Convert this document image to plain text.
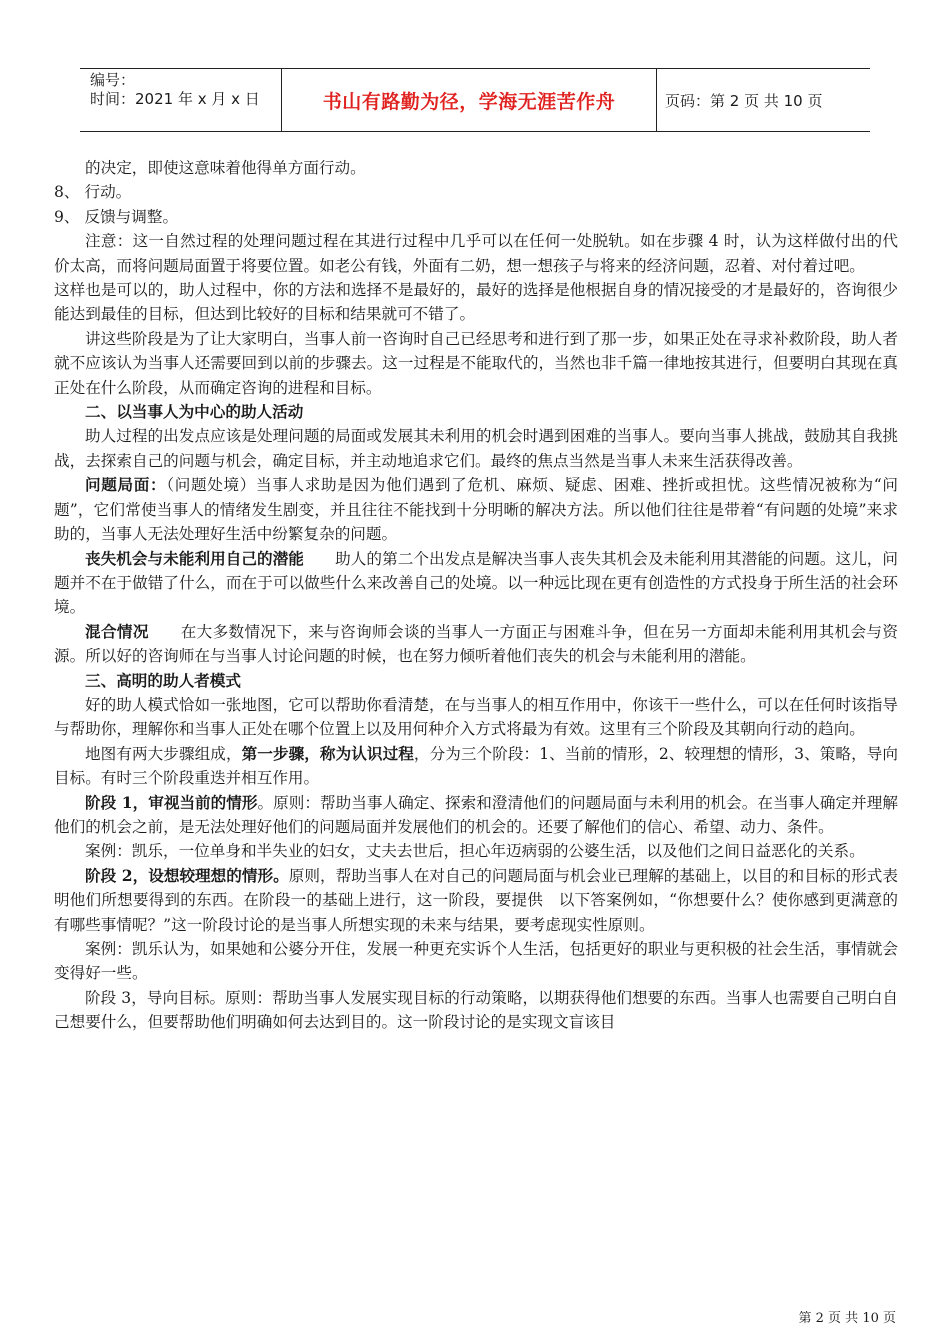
编号：
时间：2021 年 x 月 x 日	书山有路勤为径，学海无涯苦作舟	页码：第 2 页 共 10 页

的决定，即使这意味着他得单方面行动。

8、 行动。

9、 反馈与调整。

注意：这一自然过程的处理问题过程在其进行过程中几乎可以在任何一处脱轨。如在步骤 4 时，认为这样做付出的代价太高，而将问题局面置于将要位置。如老公有钱，外面有二奶，想一想孩子与将来的经济问题，忍着、对付着过吧。

这样也是可以的，助人过程中，你的方法和选择不是最好的，最好的选择是他根据自身的情况接受的才是最好的，咨询很少能达到最佳的目标，但达到比较好的目标和结果就可不错了。

讲这些阶段是为了让大家明白，当事人前一咨询时自己已经思考和进行到了那一步，如果正处在寻求补救阶段，助人者就不应该认为当事人还需要回到以前的步骤去。这一过程是不能取代的，当然也非千篇一律地按其进行，但要明白其现在真正处在什么阶段，从而确定咨询的进程和目标。

二、以当事人为中心的助人活动

助人过程的出发点应该是处理问题的局面或发展其未利用的机会时遇到困难的当事人。要向当事人挑战，鼓励其自我挑战，去探索自己的问题与机会，确定目标，并主动地追求它们。最终的焦点当然是当事人未来生活获得改善。

问题局面：（问题处境）当事人求助是因为他们遇到了危机、麻烦、疑虑、困难、挫折或担忧。这些情况被称为“问题”，它们常使当事人的情绪发生剧变，并且往往不能找到十分明晰的解决方法。所以他们往往是带着“有问题的处境”来求助的，当事人无法处理好生活中纷繁复杂的问题。

丧失机会与未能利用自己的潜能　　助人的第二个出发点是解决当事人丧失其机会及未能利用其潜能的问题。这儿，问题并不在于做错了什么，而在于可以做些什么来改善自己的处境。以一种远比现在更有创造性的方式投身于所生活的社会环境。

混合情况　　在大多数情况下，来与咨询师会谈的当事人一方面正与困难斗争，但在另一方面却未能利用其机会与资源。所以好的咨询师在与当事人讨论问题的时候，也在努力倾听着他们丧失的机会与未能利用的潜能。

三、高明的助人者模式

好的助人模式恰如一张地图，它可以帮助你看清楚，在与当事人的相互作用中，你该干一些什么，可以在任何时该指导与帮助你，理解你和当事人正处在哪个位置上以及用何种介入方式将最为有效。这里有三个阶段及其朝向行动的趋向。

地图有两大步骤组成，第一步骤，称为认识过程，分为三个阶段：1、当前的情形，2、较理想的情形，3、策略，导向目标。有时三个阶段重迭并相互作用。

阶段 1，审视当前的情形。原则：帮助当事人确定、探索和澄清他们的问题局面与未利用的机会。在当事人确定并理解他们的机会之前，是无法处理好他们的问题局面并发展他们的机会的。还要了解他们的信心、希望、动力、条件。

案例：凯乐，一位单身和半失业的妇女，丈夫去世后，担心年迈病弱的公婆生活，以及他们之间日益恶化的关系。

阶段 2，设想较理想的情形。原则，帮助当事人在对自己的问题局面与机会业已理解的基础上，以目的和目标的形式表明他们所想要得到的东西。在阶段一的基础上进行，这一阶段，要提供　以下答案例如，“你想要什么？使你感到更满意的有哪些事情呢？”这一阶段讨论的是当事人所想实现的未来与结果，要考虑现实性原则。

案例：凯乐认为，如果她和公婆分开住，发展一种更充实诉个人生活，包括更好的职业与更积极的社会生活，事情就会变得好一些。

阶段 3，导向目标。原则：帮助当事人发展实现目标的行动策略，以期获得他们想要的东西。当事人也需要自己明白自己想要什么，但要帮助他们明确如何去达到目的。这一阶段讨论的是实现文盲该目

第 2 页 共 10 页
